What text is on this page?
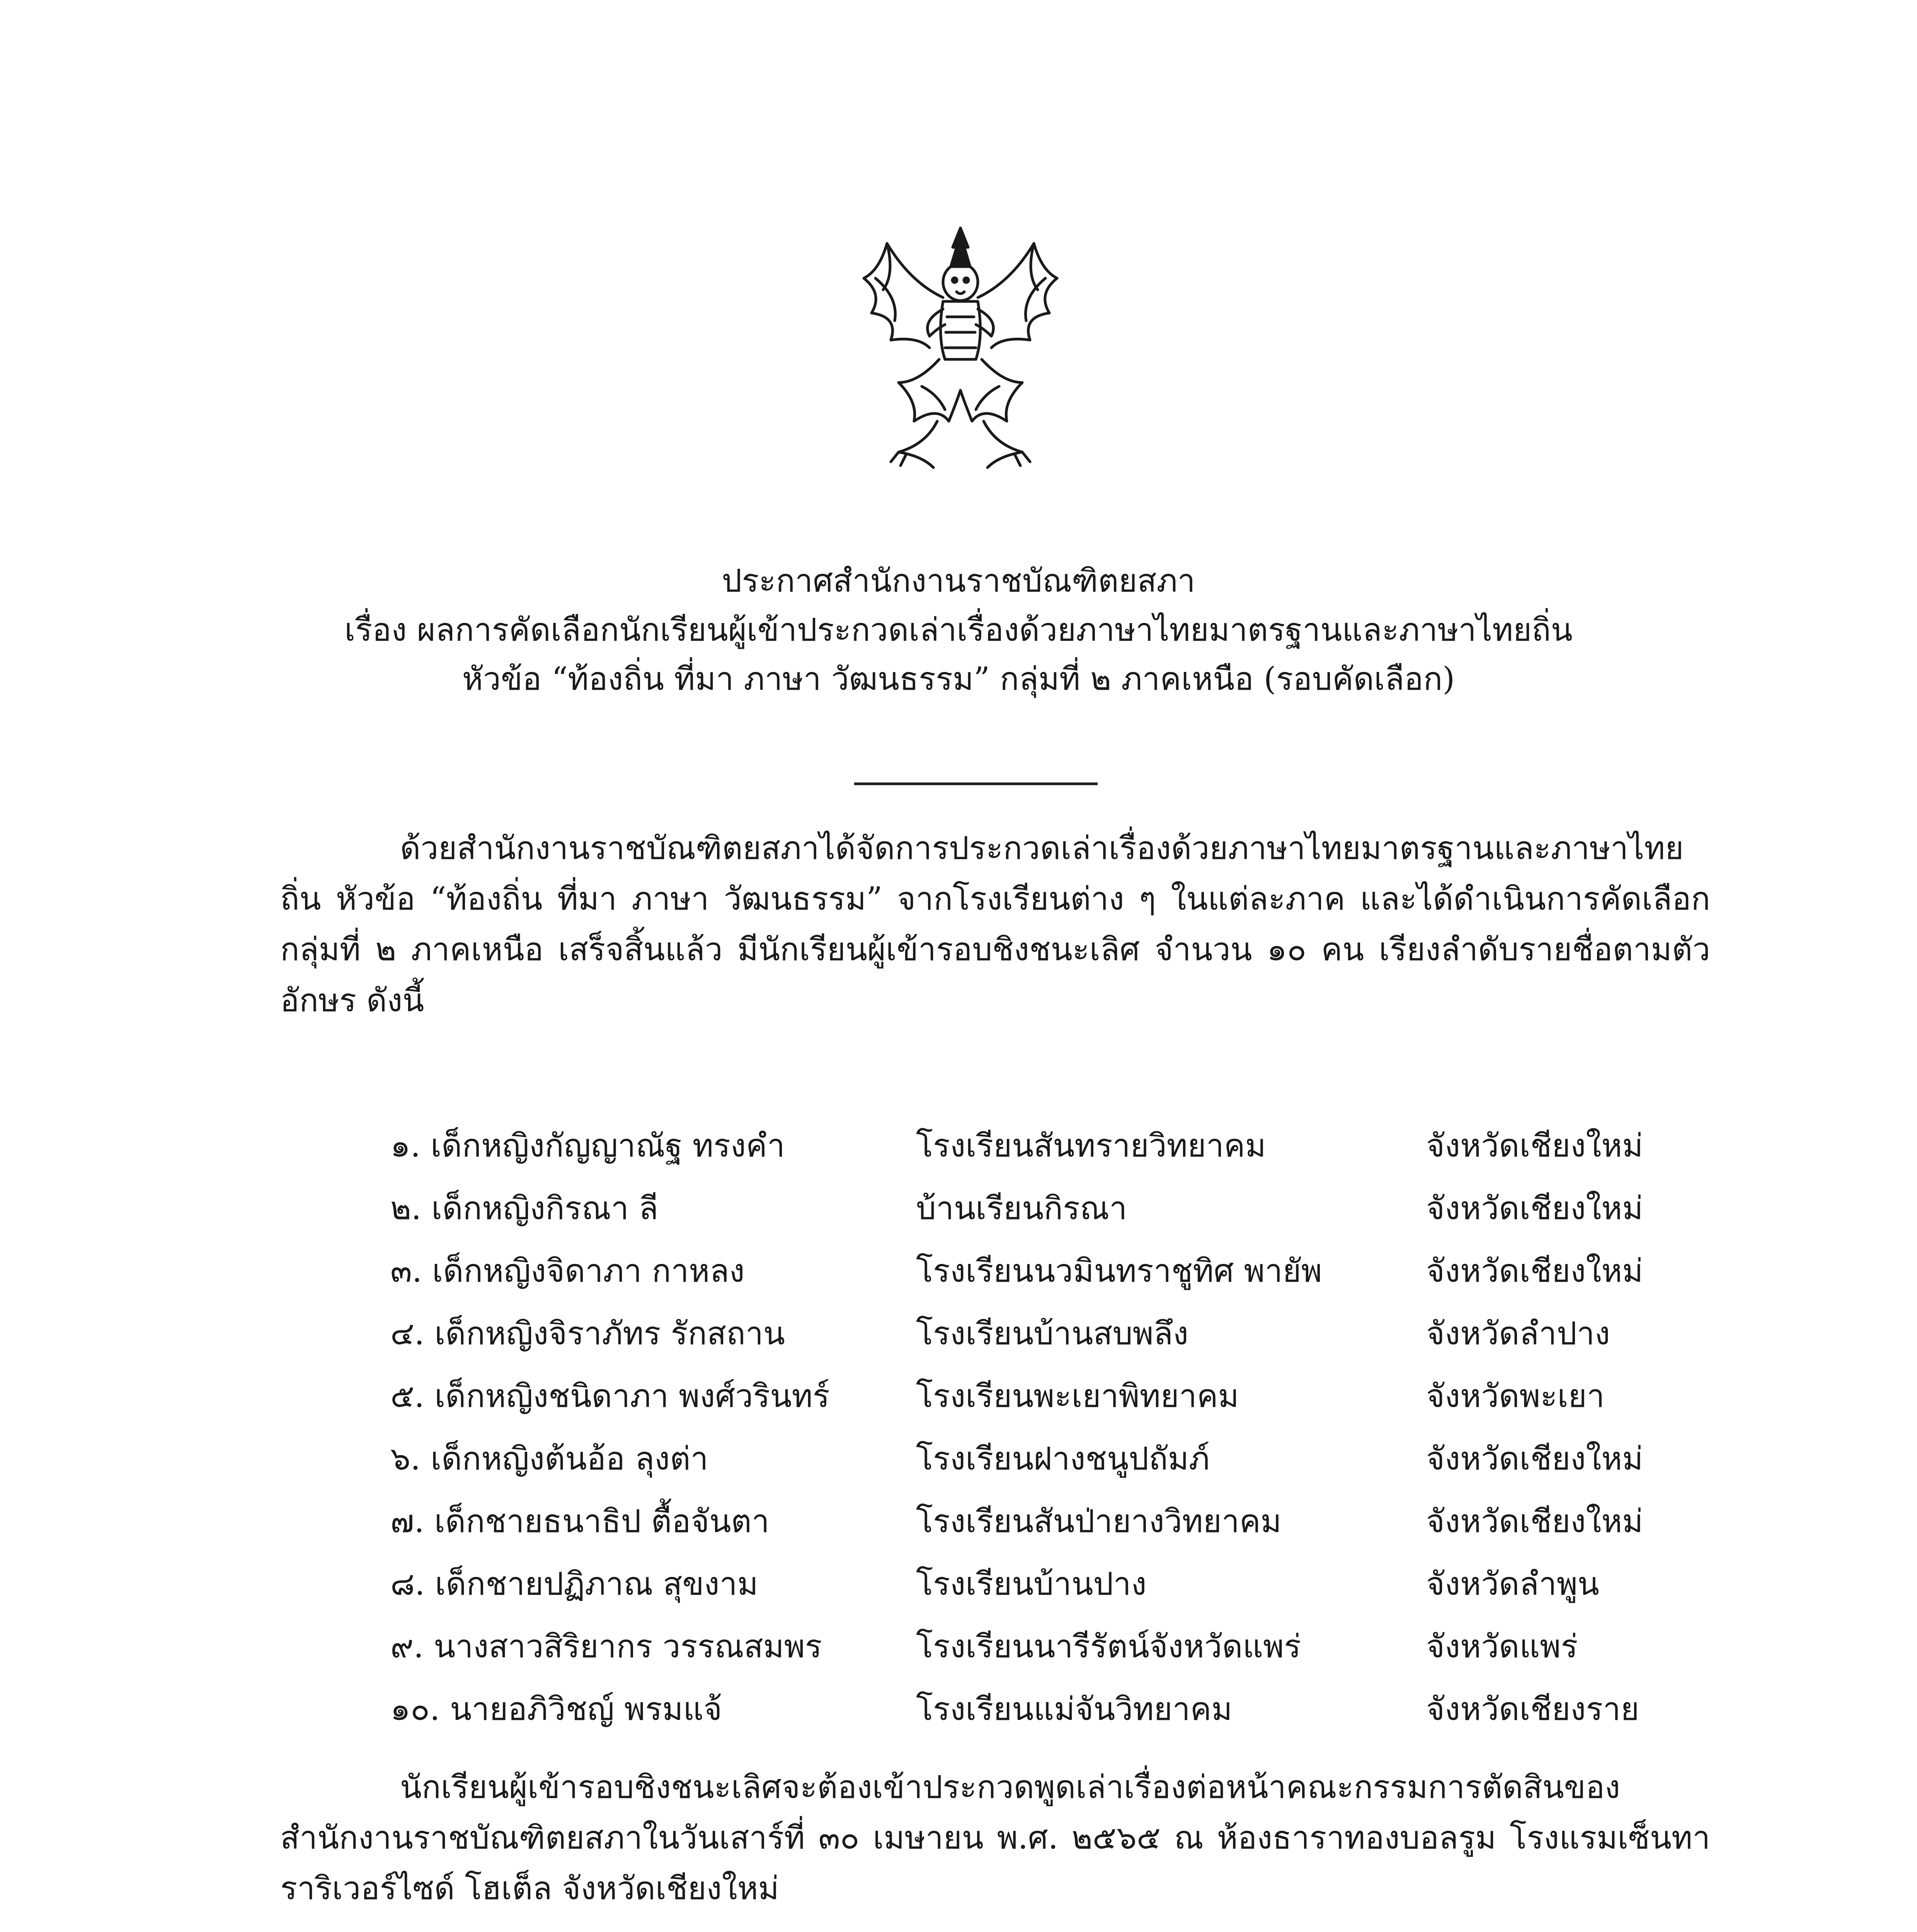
ประกาศสำนักงานราชบัณฑิตยสภา
เรื่อง ผลการคัดเลือกนักเรียนผู้เข้าประกวดเล่าเรื่องด้วยภาษาไทยมาตรฐานและภาษาไทยถิ่น
หัวข้อ “ท้องถิ่น ที่มา ภาษา วัฒนธรรม” กลุ่มที่ ๒ ภาคเหนือ (รอบคัดเลือก)
ด้วยสำนักงานราชบัณฑิตยสภาได้จัดการประกวดเล่าเรื่องด้วยภาษาไทยมาตรฐานและภาษาไทยถิ่น หัวข้อ “ท้องถิ่น ที่มา ภาษา วัฒนธรรม” จากโรงเรียนต่าง ๆ ในแต่ละภาค และได้ดำเนินการคัดเลือกกลุ่มที่ ๒ ภาคเหนือ เสร็จสิ้นแล้ว มีนักเรียนผู้เข้ารอบชิงชนะเลิศ จำนวน ๑๐ คน เรียงลำดับรายชื่อตามตัวอักษร ดังนี้
๑. เด็กหญิงกัญญาณัฐ ทรงคำ	โรงเรียนสันทรายวิทยาคม	จังหวัดเชียงใหม่
๒. เด็กหญิงกิรณา ลี	บ้านเรียนกิรณา	จังหวัดเชียงใหม่
๓. เด็กหญิงจิดาภา กาหลง	โรงเรียนนวมินทราชูทิศ พายัพ	จังหวัดเชียงใหม่
๔. เด็กหญิงจิราภัทร รักสถาน	โรงเรียนบ้านสบพลึง	จังหวัดลำปาง
๕. เด็กหญิงชนิดาภา พงศ์วรินทร์	โรงเรียนพะเยาพิทยาคม	จังหวัดพะเยา
๖. เด็กหญิงต้นอ้อ ลุงต่า	โรงเรียนฝางชนูปถัมภ์	จังหวัดเชียงใหม่
๗. เด็กชายธนาธิป ตื้อจันตา	โรงเรียนสันป่ายางวิทยาคม	จังหวัดเชียงใหม่
๘. เด็กชายปฏิภาณ สุขงาม	โรงเรียนบ้านปาง	จังหวัดลำพูน
๙. นางสาวสิริยากร วรรณสมพร	โรงเรียนนารีรัตน์จังหวัดแพร่	จังหวัดแพร่
๑๐. นายอภิวิชญ์ พรมแจ้	โรงเรียนแม่จันวิทยาคม	จังหวัดเชียงราย
นักเรียนผู้เข้ารอบชิงชนะเลิศจะต้องเข้าประกวดพูดเล่าเรื่องต่อหน้าคณะกรรมการตัดสินของสำนักงานราชบัณฑิตยสภาในวันเสาร์ที่ ๓๐ เมษายน พ.ศ. ๒๕๖๕ ณ ห้องธาราทองบอลรูม โรงแรมเซ็นทาราริเวอร์ไซด์ โฮเต็ล จังหวัดเชียงใหม่
